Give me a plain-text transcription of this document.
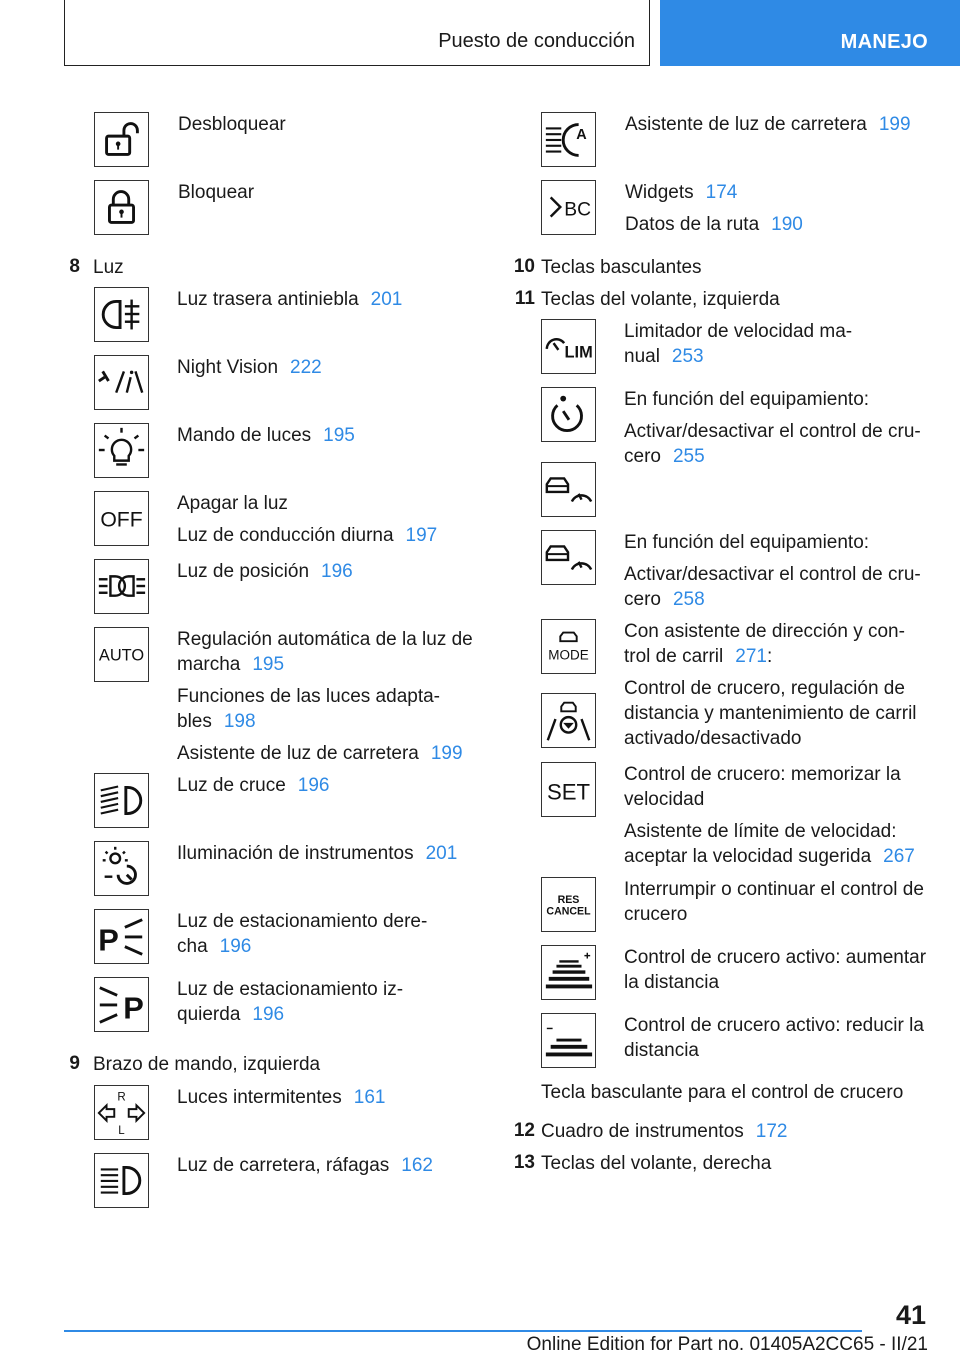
Puesto de conducción	MANEJO
Desbloquear
Bloquear
8 Luz
Luz trasera antiniebla 201
Night Vision 222
Mando de luces 195
OFF
Apagar la luz
Luz de conducción diurna 197
Luz de posición 196
AUTO
Regulación automática de la luz de
marcha 195
Funciones de las luces adapta-
bles 198
Asistente de luz de carretera 199
Luz de cruce 196
Iluminación de instrumentos 201
P
Luz de estacionamiento dere-
cha 196
P
Luz de estacionamiento iz-
quierda 196
9 Brazo de mando, izquierda
R
L
Luces intermitentes 161
Luz de carretera, ráfagas 162
A
Asistente de luz de carretera 199
BC
Widgets 174
Datos de la ruta 190
10 Teclas basculantes
11 Teclas del volante, izquierda
LIM
Limitador de velocidad ma-
nual 253
En función del equipamiento:
Activar/desactivar el control de cru-
cero 255
En función del equipamiento:
Activar/desactivar el control de cru-
cero 258
MODE
Con asistente de dirección y con-
trol de carril 271:
Control de crucero, regulación de
distancia y mantenimiento de carril
activado/desactivado
SET
Control de crucero: memorizar la
velocidad
Asistente de límite de velocidad:
aceptar la velocidad sugerida 267
RES
CANCEL
Interrumpir o continuar el control de
crucero
Control de crucero activo: aumentar
la distancia
Control de crucero activo: reducir la
distancia
Tecla basculante para el control de crucero
12 Cuadro de instrumentos 172
13 Teclas del volante, derecha
41
Online Edition for Part no. 01405A2CC65 - II/21
